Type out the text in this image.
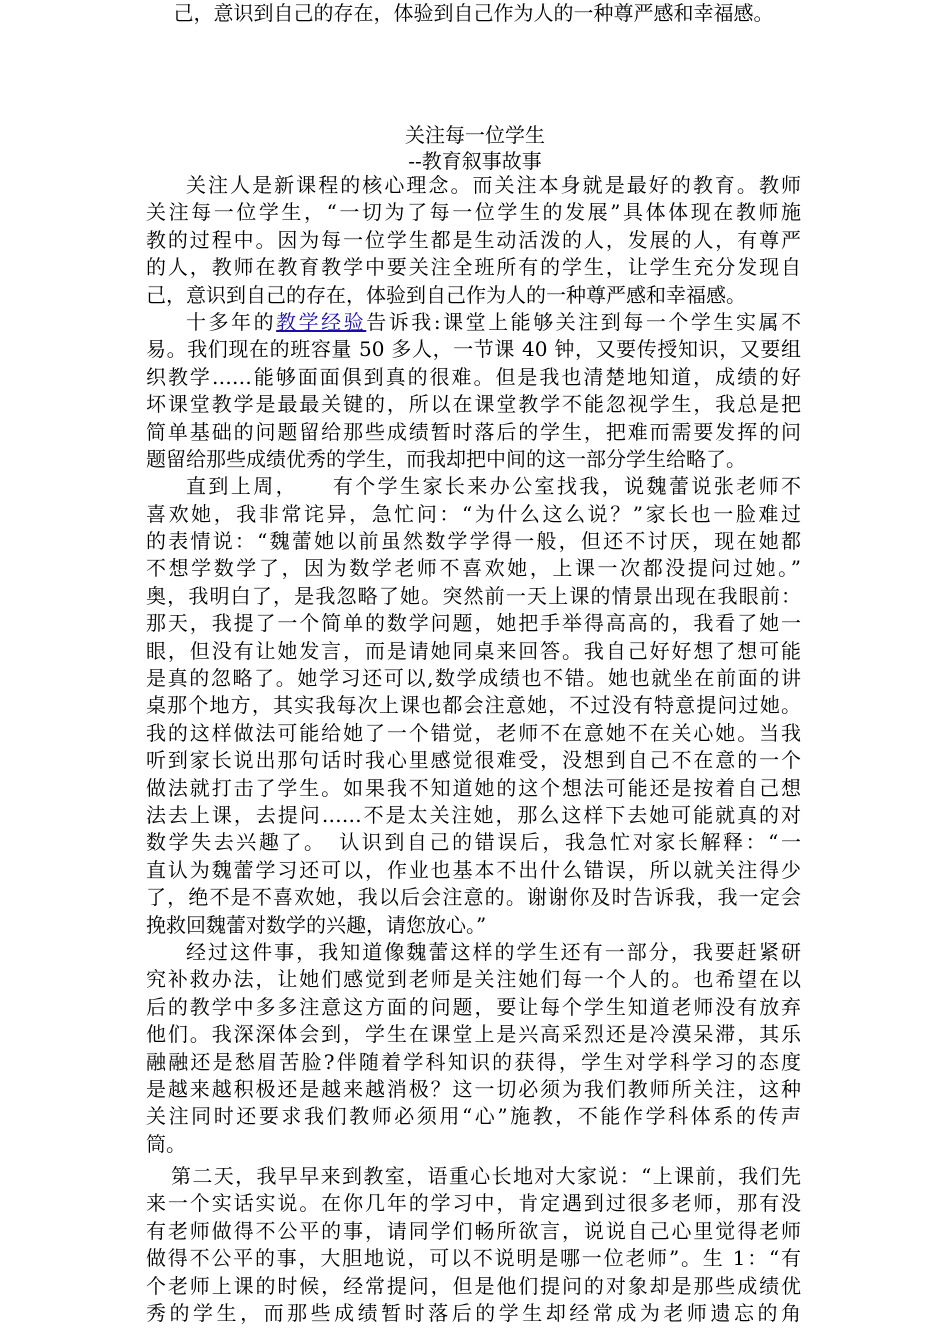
己，意识到自己的存在，体验到自己作为人的一种尊严感和幸福感。
关注每一位学生
--教育叙事故事
关注人是新课程的核心理念。而关注本身就是最好的教育。教师
关注每一位学生，“一切为了每一位学生的发展”具体体现在教师施
教的过程中。因为每一位学生都是生动活泼的人，发展的人，有尊严
的人，教师在教育教学中要关注全班所有的学生，让学生充分发现自
己，意识到自己的存在，体验到自己作为人的一种尊严感和幸福感。
十多年的教学经验告诉我:课堂上能够关注到每一个学生实属不
易。我们现在的班容量 50 多人，一节课 40 钟，又要传授知识，又要组
织教学……能够面面俱到真的很难。但是我也清楚地知道，成绩的好
坏课堂教学是最最关键的，所以在课堂教学不能忽视学生，我总是把
简单基础的问题留给那些成绩暂时落后的学生，把难而需要发挥的问
题留给那些成绩优秀的学生，而我却把中间的这一部分学生给略了。
直到上周，　　有个学生家长来办公室找我，说魏蕾说张老师不
喜欢她，我非常诧异，急忙问：“为什么这么说？”家长也一脸难过
的表情说：“魏蕾她以前虽然数学学得一般，但还不讨厌，现在她都
不想学数学了，因为数学老师不喜欢她，上课一次都没提问过她。”
奥，我明白了，是我忽略了她。突然前一天上课的情景出现在我眼前：
那天，我提了一个简单的数学问题，她把手举得高高的，我看了她一
眼，但没有让她发言，而是请她同桌来回答。我自己好好想了想可能
是真的忽略了。她学习还可以,数学成绩也不错。她也就坐在前面的讲
桌那个地方，其实我每次上课也都会注意她，不过没有特意提问过她。
我的这样做法可能给她了一个错觉，老师不在意她不在关心她。当我
听到家长说出那句话时我心里感觉很难受，没想到自己不在意的一个
做法就打击了学生。如果我不知道她的这个想法可能还是按着自己想
法去上课，去提问……不是太关注她，那么这样下去她可能就真的对
数学失去兴趣了。　认识到自己的错误后，我急忙对家长解释：“一
直认为魏蕾学习还可以，作业也基本不出什么错误，所以就关注得少
了，绝不是不喜欢她，我以后会注意的。谢谢你及时告诉我，我一定会
挽救回魏蕾对数学的兴趣，请您放心。”
经过这件事，我知道像魏蕾这样的学生还有一部分，我要赶紧研
究补救办法，让她们感觉到老师是关注她们每一个人的。也希望在以
后的教学中多多注意这方面的问题，要让每个学生知道老师没有放弃
他们。我深深体会到，学生在课堂上是兴高采烈还是冷漠呆滞，其乐
融融还是愁眉苦脸?伴随着学科知识的获得，学生对学科学习的态度
是越来越积极还是越来越消极？这一切必须为我们教师所关注，这种
关注同时还要求我们教师必须用“心”施教，不能作学科体系的传声
筒。
第二天，我早早来到教室，语重心长地对大家说：“上课前，我们先
来一个实话实说。在你几年的学习中，肯定遇到过很多老师，那有没
有老师做得不公平的事，请同学们畅所欲言，说说自己心里觉得老师
做得不公平的事，大胆地说，可以不说明是哪一位老师”。生 1：“有
个老师上课的时候，经常提问，但是他们提问的对象却是那些成绩优
秀的学生，而那些成绩暂时落后的学生却经常成为老师遗忘的角
